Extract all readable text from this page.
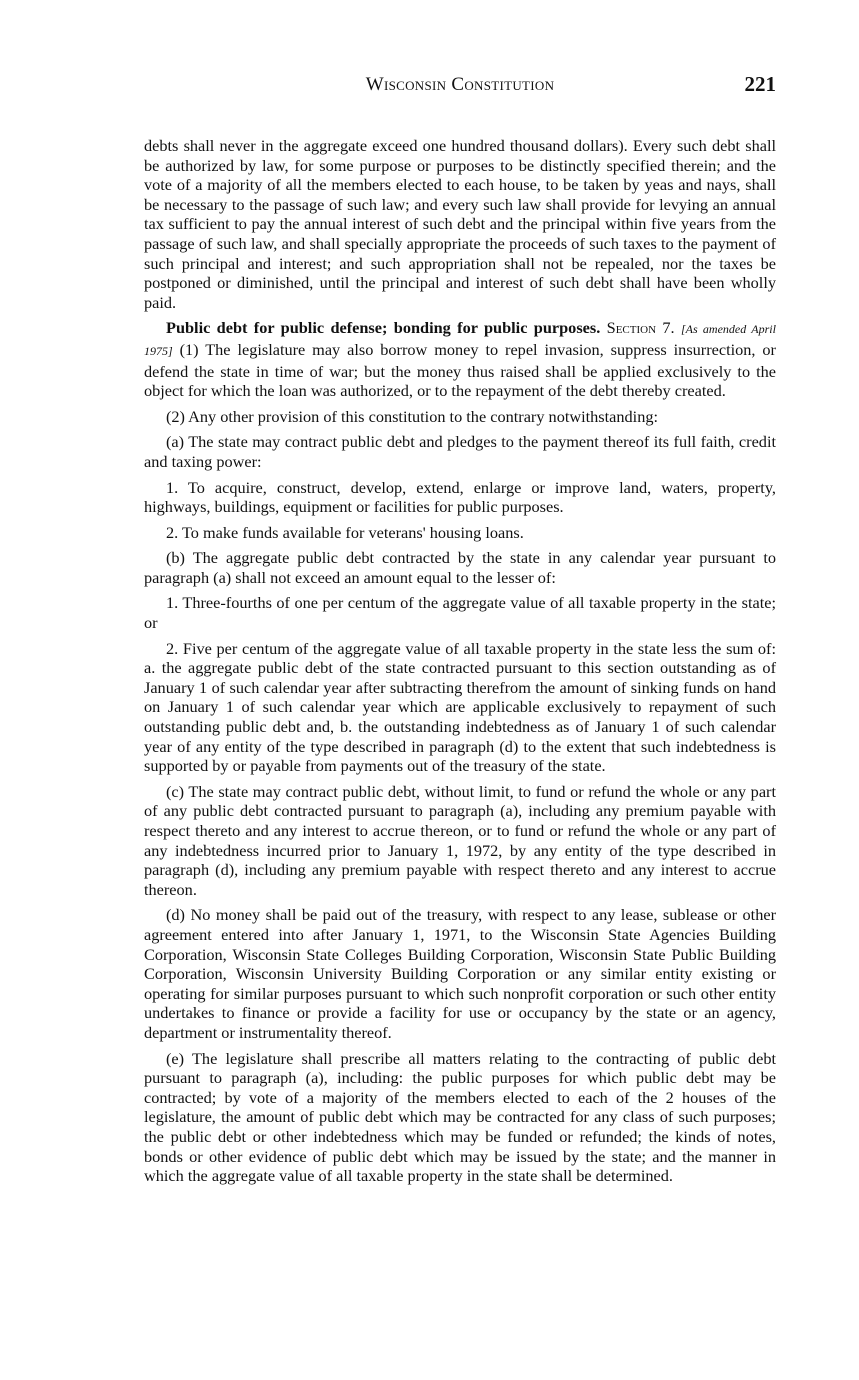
Wisconsin Constitution	221

debts shall never in the aggregate exceed one hundred thousand dollars). Every such debt shall be authorized by law, for some purpose or purposes to be distinctly specified therein; and the vote of a majority of all the members elected to each house, to be taken by yeas and nays, shall be necessary to the passage of such law; and every such law shall provide for levying an annual tax sufficient to pay the annual interest of such debt and the principal within five years from the passage of such law, and shall specially appropriate the proceeds of such taxes to the payment of such principal and interest; and such appropriation shall not be repealed, nor the taxes be postponed or diminished, until the principal and interest of such debt shall have been wholly paid.

Public debt for public defense; bonding for public purposes. Section 7. [As amended April 1975] (1) The legislature may also borrow money to repel invasion, suppress insurrection, or defend the state in time of war; but the money thus raised shall be applied exclusively to the object for which the loan was authorized, or to the repayment of the debt thereby created.

(2) Any other provision of this constitution to the contrary notwithstanding:

(a) The state may contract public debt and pledges to the payment thereof its full faith, credit and taxing power:

1. To acquire, construct, develop, extend, enlarge or improve land, waters, property, highways, buildings, equipment or facilities for public purposes.

2. To make funds available for veterans' housing loans.

(b) The aggregate public debt contracted by the state in any calendar year pursuant to paragraph (a) shall not exceed an amount equal to the lesser of:

1. Three-fourths of one per centum of the aggregate value of all taxable property in the state; or

2. Five per centum of the aggregate value of all taxable property in the state less the sum of: a. the aggregate public debt of the state contracted pursuant to this section outstanding as of January 1 of such calendar year after subtracting therefrom the amount of sinking funds on hand on January 1 of such calendar year which are applicable exclusively to repayment of such outstanding public debt and, b. the outstanding indebtedness as of January 1 of such calendar year of any entity of the type described in paragraph (d) to the extent that such indebtedness is supported by or payable from payments out of the treasury of the state.

(c) The state may contract public debt, without limit, to fund or refund the whole or any part of any public debt contracted pursuant to paragraph (a), including any premium payable with respect thereto and any interest to accrue thereon, or to fund or refund the whole or any part of any indebtedness incurred prior to January 1, 1972, by any entity of the type described in paragraph (d), including any premium payable with respect thereto and any interest to accrue thereon.

(d) No money shall be paid out of the treasury, with respect to any lease, sublease or other agreement entered into after January 1, 1971, to the Wisconsin State Agencies Building Corporation, Wisconsin State Colleges Building Corporation, Wisconsin State Public Building Corporation, Wisconsin University Building Corporation or any similar entity existing or operating for similar purposes pursuant to which such nonprofit corporation or such other entity undertakes to finance or provide a facility for use or occupancy by the state or an agency, department or instrumentality thereof.

(e) The legislature shall prescribe all matters relating to the contracting of public debt pursuant to paragraph (a), including: the public purposes for which public debt may be contracted; by vote of a majority of the members elected to each of the 2 houses of the legislature, the amount of public debt which may be contracted for any class of such purposes; the public debt or other indebtedness which may be funded or refunded; the kinds of notes, bonds or other evidence of public debt which may be issued by the state; and the manner in which the aggregate value of all taxable property in the state shall be determined.
